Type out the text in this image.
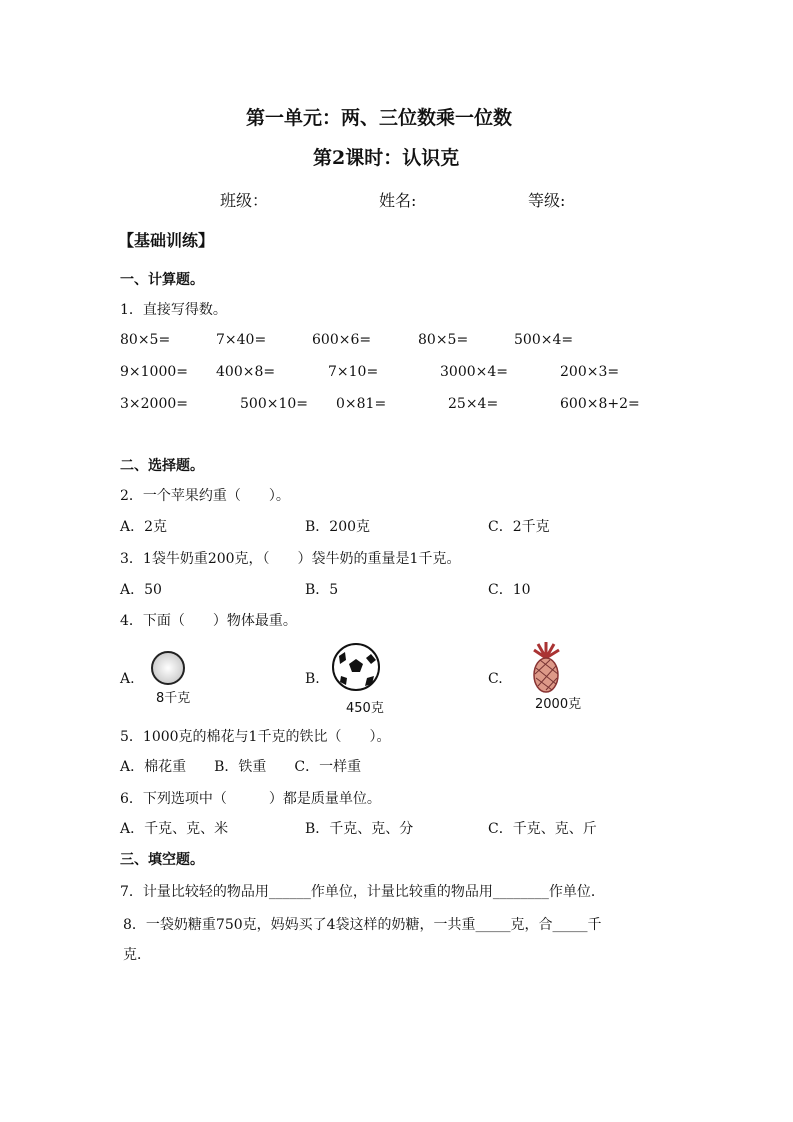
第一单元：两、三位数乘一位数
第2课时：认识克
班级：	姓名:	等级:
【基础训练】
一、计算题。
1．直接写得数。
80×5=	7×40=	600×6=	80×5=	500×4=
9×1000= 400×8=	7×10=	3000×4=	200×3=
3×2000=	500×10= 0×81=	25×4=	600×8+2=
二、选择题。
2．一个苹果约重（　　）。
A．2克	B．200克	C．2千克
3．1袋牛奶重200克，（　　）袋牛奶的重量是1千克。
A．50	B．5	C．10
4．下面（　　）物体最重。
A.
8千克
B.
450克
C.
2000克
5．1000克的棉花与1千克的铁比（　　）。
A．棉花重　　B．铁重　　C．一样重
6．下列选项中（　　　）都是质量单位。
A．千克、克、米	B．千克、克、分	C．千克、克、斤
三、填空题。
7．计量比较轻的物品用______作单位，计量比较重的物品用________作单位．
8．一袋奶糖重750克，妈妈买了4袋这样的奶糖，一共重_____克，合_____千
克．
